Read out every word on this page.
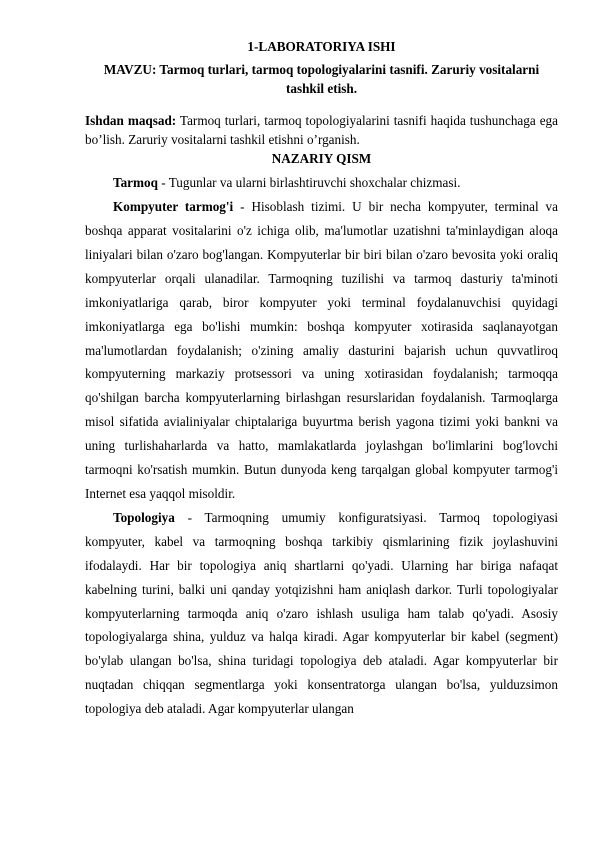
1-LABORATORIYA ISHI
MAVZU: Tarmoq turlari, tarmoq topologiyalarini tasnifi. Zaruriy vositalarni tashkil etish.

Ishdan maqsad: Tarmoq turlari, tarmoq topologiyalarini tasnifi haqida tushunchaga ega bo’lish. Zaruriy vositalarni tashkil etishni o’rganish.

NAZARIY QISM

Tarmoq - Tugunlar va ularni birlashtiruvchi shoxchalar chizmasi.

Kompyuter tarmog'i - Hisoblash tizimi. U bir necha kompyuter, terminal va boshqa apparat vositalarini o'z ichiga olib, ma'lumotlar uzatishni ta'minlaydigan aloqa liniyalari bilan o'zaro bog'langan. Kompyuterlar bir biri bilan o'zaro bevosita yoki oraliq kompyuterlar orqali ulanadilar. Tarmoqning tuzilishi va tarmoq dasturiy ta'minoti imkoniyatlariga qarab, biror kompyuter yoki terminal foydalanuvchisi quyidagi imkoniyatlarga ega bo'lishi mumkin: boshqa kompyuter xotirasida saqlanayotgan ma'lumotlardan foydalanish; o'zining amaliy dasturini bajarish uchun quvvatliroq kompyuterning markaziy protsessori va uning xotirasidan foydalanish; tarmoqqa qo'shilgan barcha kompyuterlarning birlashgan resurslaridan foydalanish. Tarmoqlarga misol sifatida avialiniyalar chiptalariga buyurtma berish yagona tizimi yoki bankni va uning turlishaharlarda va hatto, mamlakatlarda joylashgan bo'limlarini bog'lovchi tarmoqni ko'rsatish mumkin. Butun dunyoda keng tarqalgan global kompyuter tarmog'i Internet esa yaqqol misoldir.

Topologiya - Tarmoqning umumiy konfiguratsiyasi. Tarmoq topologiyasi kompyuter, kabel va tarmoqning boshqa tarkibiy qismlarining fizik joylashuvini ifodalaydi. Har bir topologiya aniq shartlarni qo'yadi. Ularning har biriga nafaqat kabelning turini, balki uni qanday yotqizishni ham aniqlash darkor. Turli topologiyalar kompyuterlarning tarmoqda aniq o'zaro ishlash usuliga ham talab qo'yadi. Asosiy topologiyalarga shina, yulduz va halqa kiradi. Agar kompyuterlar bir kabel (segment) bo'ylab ulangan bo'lsa, shina turidagi topologiya deb ataladi. Agar kompyuterlar bir nuqtadan chiqqan segmentlarga yoki konsentratorga ulangan bo'lsa, yulduzsimon topologiya deb ataladi. Agar kompyuterlar ulangan
